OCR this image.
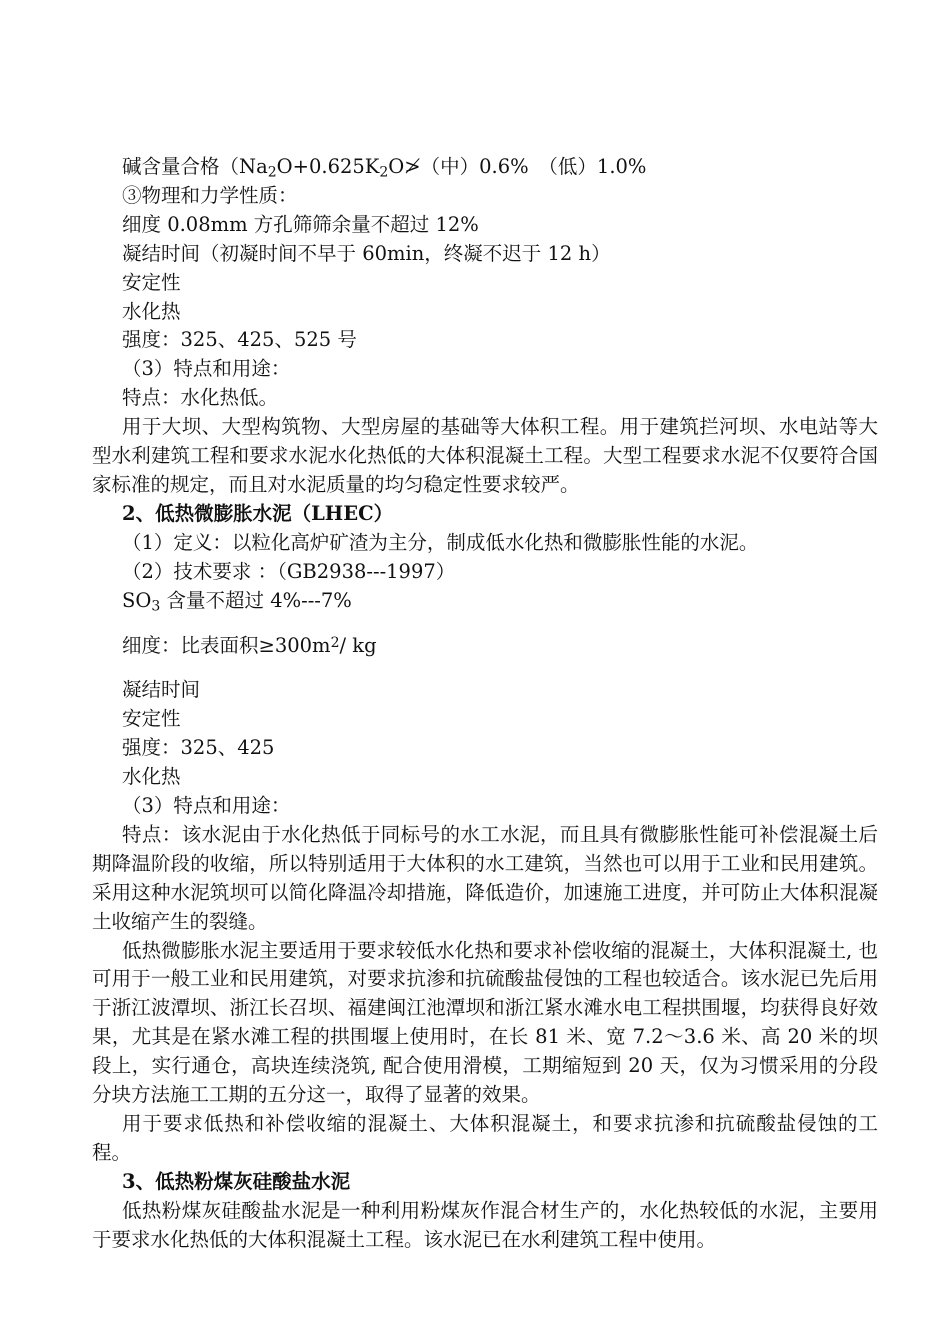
碱含量合格（$Na_2O+0.625K_2O≯$（中）0.6%　（低）1.0%
③物理和力学性质：
细度 0.08mm 方孔筛筛余量不超过 12%
凝结时间（初凝时间不早于 60min，终凝不迟于 12 h）
安定性
水化热
强度：325、425、525 号
（3）特点和用途：
特点：水化热低。
用于大坝、大型构筑物、大型房屋的基础等大体积工程。用于建筑拦河坝、水电站等大型水利建筑工程和要求水泥水化热低的大体积混凝土工程。大型工程要求水泥不仅要符合国家标准的规定，而且对水泥质量的均匀稳定性要求较严。
2、低热微膨胀水泥（LHEC）
（1）定义：以粒化高炉矿渣为主分，制成低水化热和微膨胀性能的水泥。
（2）技术要求 ：（GB2938---1997）
$SO_3$ 含量不超过 4%---7%
细度：比表面积$\ge 300m^2/$ kg
凝结时间
安定性
强度：325、425
水化热
（3）特点和用途：
特点：该水泥由于水化热低于同标号的水工水泥，而且具有微膨胀性能可补偿混凝土后期降温阶段的收缩，所以特别适用于大体积的水工建筑，当然也可以用于工业和民用建筑。采用这种水泥筑坝可以简化降温冷却措施，降低造价，加速施工进度，并可防止大体积混凝土收缩产生的裂缝。
低热微膨胀水泥主要适用于要求较低水化热和要求补偿收缩的混凝土，大体积混凝土, 也可用于一般工业和民用建筑，对要求抗渗和抗硫酸盐侵蚀的工程也较适合。该水泥已先后用于浙江波潭坝、浙江长召坝、福建闽江池潭坝和浙江紧水滩水电工程拱围堰，均获得良好效果，尤其是在紧水滩工程的拱围堰上使用时，在长 81 米、宽 7.2～3.6 米、高 20 米的坝段上，实行通仓，高块连续浇筑, 配合使用滑模，工期缩短到 20 天，仅为习惯采用的分段分块方法施工工期的五分这一，取得了显著的效果。
用于要求低热和补偿收缩的混凝土、大体积混凝土，和要求抗渗和抗硫酸盐侵蚀的工程。
3、低热粉煤灰硅酸盐水泥
低热粉煤灰硅酸盐水泥是一种利用粉煤灰作混合材生产的，水化热较低的水泥，主要用于要求水化热低的大体积混凝土工程。该水泥已在水利建筑工程中使用。
